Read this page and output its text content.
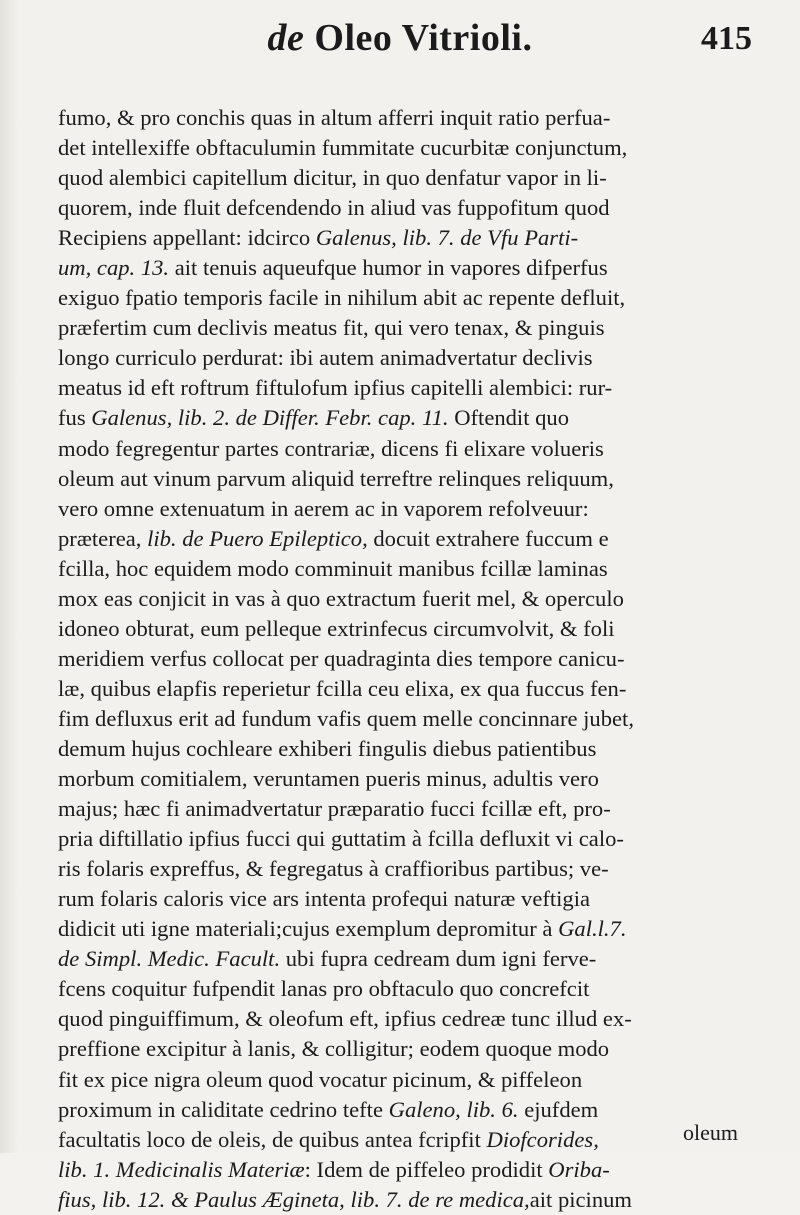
de Oleo Vitrioli.	415
fumo, & pro conchis quas in altum afferri inquit ratio perfua-
det intellexiffe obftaculumin fummitate cucurbitæ conjunctum,
quod alembici capitellum dicitur, in quo denfatur vapor in li-
quorem, inde fluit defcendendo in aliud vas fuppofitum quod
Recipiens appellant: idcirco Galenus, lib. 7. de Vfu Parti-
um, cap. 13. ait tenuis aqueufque humor in vapores difperfus
exiguo fpatio temporis facile in nihilum abit ac repente defluit,
præfertim cum declivis meatus fit, qui vero tenax, & pinguis
longo curriculo perdurat: ibi autem animadvertatur declivis
meatus id eft roftrum fiftulofum ipfius capitelli alembici: rur-
fus Galenus, lib. 2. de Differ. Febr. cap. 11. Oftendit quo
modo fegregentur partes contrariæ, dicens fi elixare volueris
oleum aut vinum parvum aliquid terreftre relinques reliquum,
vero omne extenuatum in aerem ac in vaporem refolveuur:
præterea, lib. de Puero Epileptico, docuit extrahere fuccum e
fcilla, hoc equidem modo comminuit manibus fcillæ laminas
mox eas conjicit in vas à quo extractum fuerit mel, & operculo
idoneo obturat, eum pelleque extrinfecus circumvolvit, & foli
meridiem verfus collocat per quadraginta dies tempore canicu-
læ, quibus elapfis reperietur fcilla ceu elixa, ex qua fuccus fen-
fim defluxus erit ad fundum vafis quem melle concinnare jubet,
demum hujus cochleare exhiberi fingulis diebus patientibus
morbum comitialem, veruntamen pueris minus, adultis vero
majus; hæc fi animadvertatur præparatio fucci fcillæ eft, pro-
pria diftillatio ipfius fucci qui guttatim à fcilla defluxit vi calo-
ris folaris expreffus, & fegregatus à craffioribus partibus; ve-
rum folaris caloris vice ars intenta profequi naturæ veftigia
didicit uti igne materiali;cujus exemplum depromitur à Gal.l.7.
de Simpl. Medic. Facult. ubi fupra cedream dum igni ferve-
fcens coquitur fufpendit lanas pro obftaculo quo concrefcit
quod pinguiffimum, & oleofum eft, ipfius cedreæ tunc illud ex-
preffione excipitur à lanis, & colligitur; eodem quoque modo
fit ex pice nigra oleum quod vocatur picinum, & piffeleon
proximum in caliditate cedrino tefte Galeno, lib. 6. ejufdem
facultatis loco de oleis, de quibus antea fcripfit Diofcorides,
lib. 1. Medicinalis Materiæ: Idem de piffeleo prodidit Oriba-
fius, lib. 12. & Paulus Æginеta, lib. 7. de re medica,ait picinum
oleum
